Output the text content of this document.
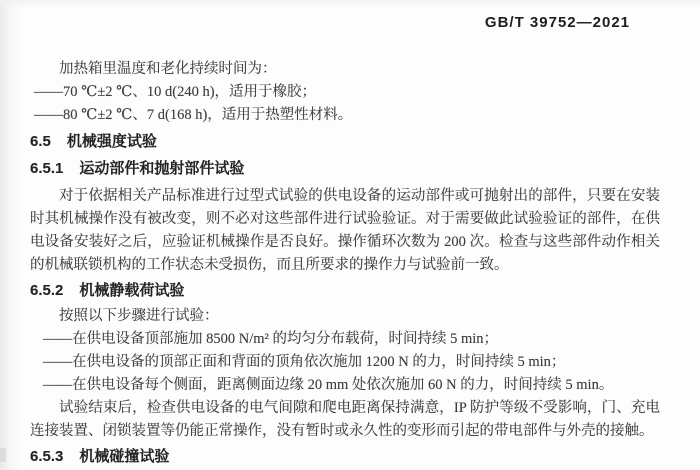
GB/T 39752—2021

加热箱里温度和老化持续时间为：

——70 ℃±2 ℃、10 d(240 h)，适用于橡胶；

——80 ℃±2 ℃、7 d(168 h)，适用于热塑性材料。

6.5 机械强度试验
6.5.1 运动部件和抛射部件试验

对于依据相关产品标准进行过型式试验的供电设备的运动部件或可抛射出的部件，只要在安装时其机械操作没有被改变，则不必对这些部件进行试验验证。对于需要做此试验验证的部件，在供电设备安装好之后，应验证机械操作是否良好。操作循环次数为 200 次。检查与这些部件动作相关的机械联锁机构的工作状态未受损伤，而且所要求的操作力与试验前一致。

6.5.2 机械静载荷试验

按照以下步骤进行试验：

——在供电设备顶部施加 8500 N/m² 的均匀分布载荷，时间持续 5 min；

——在供电设备的顶部正面和背面的顶角依次施加 1200 N 的力，时间持续 5 min；

——在供电设备每个侧面，距离侧面边缘 20 mm 处依次施加 60 N 的力，时间持续 5 min。

试验结束后，检查供电设备的电气间隙和爬电距离保持满意，IP 防护等级不受影响，门、充电连接装置、闭锁装置等仍能正常操作，没有暂时或永久性的变形而引起的带电部件与外壳的接触。

6.5.3 机械碰撞试验
